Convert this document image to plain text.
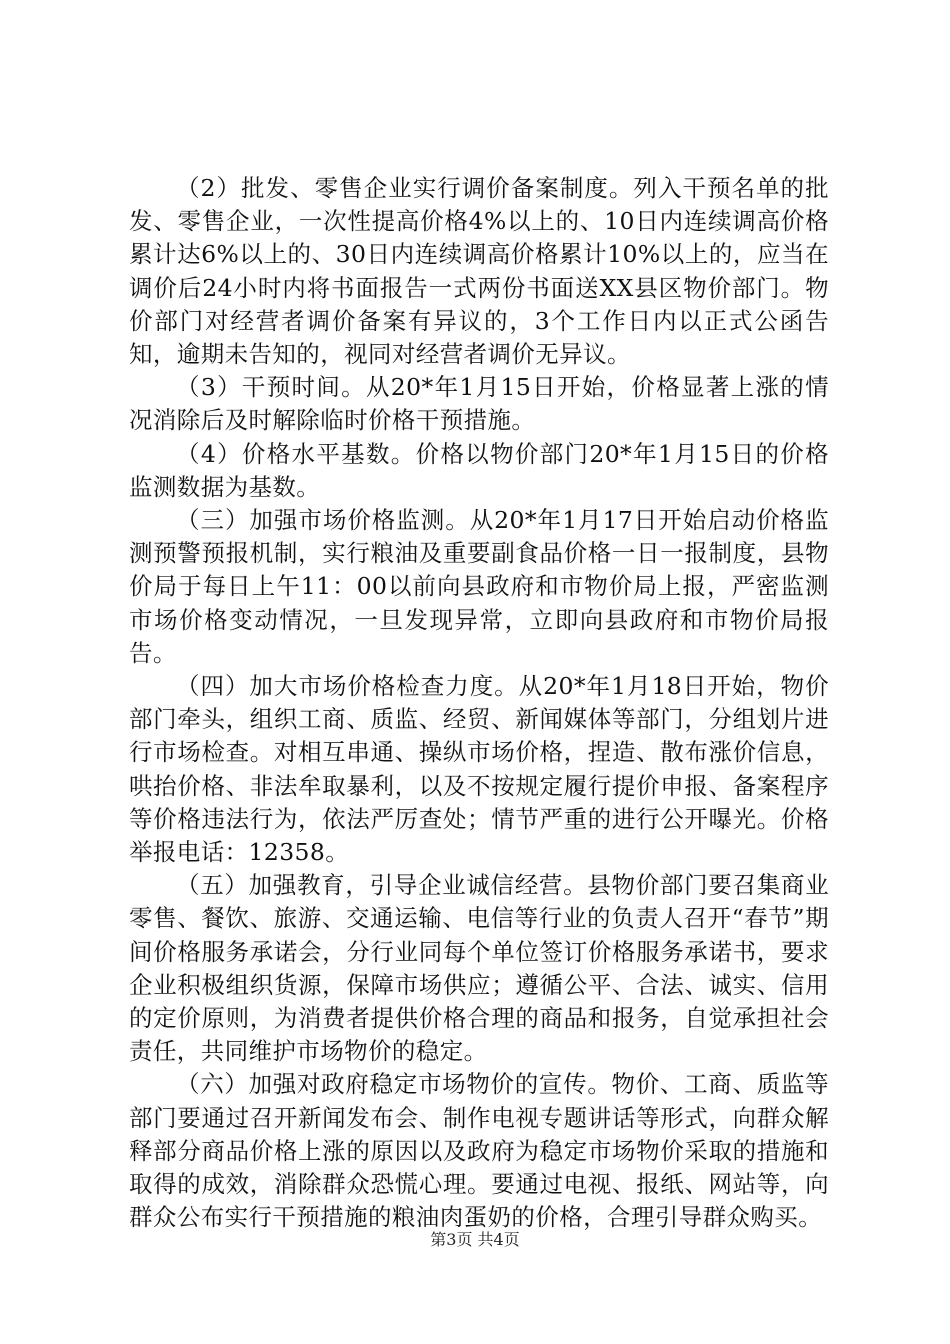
（2）批发、零售企业实行调价备案制度。列入干预名单的批发、零售企业，一次性提高价格4%以上的、10日内连续调高价格累计达6%以上的、30日内连续调高价格累计10%以上的，应当在调价后24小时内将书面报告一式两份书面送XX县区物价部门。物价部门对经营者调价备案有异议的，3个工作日内以正式公函告知，逾期未告知的，视同对经营者调价无异议。

（3）干预时间。从20*年1月15日开始，价格显著上涨的情况消除后及时解除临时价格干预措施。

（4）价格水平基数。价格以物价部门20*年1月15日的价格监测数据为基数。

（三）加强市场价格监测。从20*年1月17日开始启动价格监测预警预报机制，实行粮油及重要副食品价格一日一报制度，县物价局于每日上午11：00以前向县政府和市物价局上报，严密监测市场价格变动情况，一旦发现异常，立即向县政府和市物价局报告。

（四）加大市场价格检查力度。从20*年1月18日开始，物价部门牵头，组织工商、质监、经贸、新闻媒体等部门，分组划片进行市场检查。对相互串通、操纵市场价格，捏造、散布涨价信息，哄抬价格、非法牟取暴利，以及不按规定履行提价申报、备案程序等价格违法行为，依法严厉查处；情节严重的进行公开曝光。价格举报电话：12358。

（五）加强教育，引导企业诚信经营。县物价部门要召集商业零售、餐饮、旅游、交通运输、电信等行业的负责人召开“春节”期间价格服务承诺会，分行业同每个单位签订价格服务承诺书，要求企业积极组织货源，保障市场供应；遵循公平、合法、诚实、信用的定价原则，为消费者提供价格合理的商品和报务，自觉承担社会责任，共同维护市场物价的稳定。

（六）加强对政府稳定市场物价的宣传。物价、工商、质监等部门要通过召开新闻发布会、制作电视专题讲话等形式，向群众解释部分商品价格上涨的原因以及政府为稳定市场物价采取的措施和取得的成效，消除群众恐慌心理。要通过电视、报纸、网站等，向群众公布实行干预措施的粮油肉蛋奶的价格，合理引导群众购买。

第3页 共4页
